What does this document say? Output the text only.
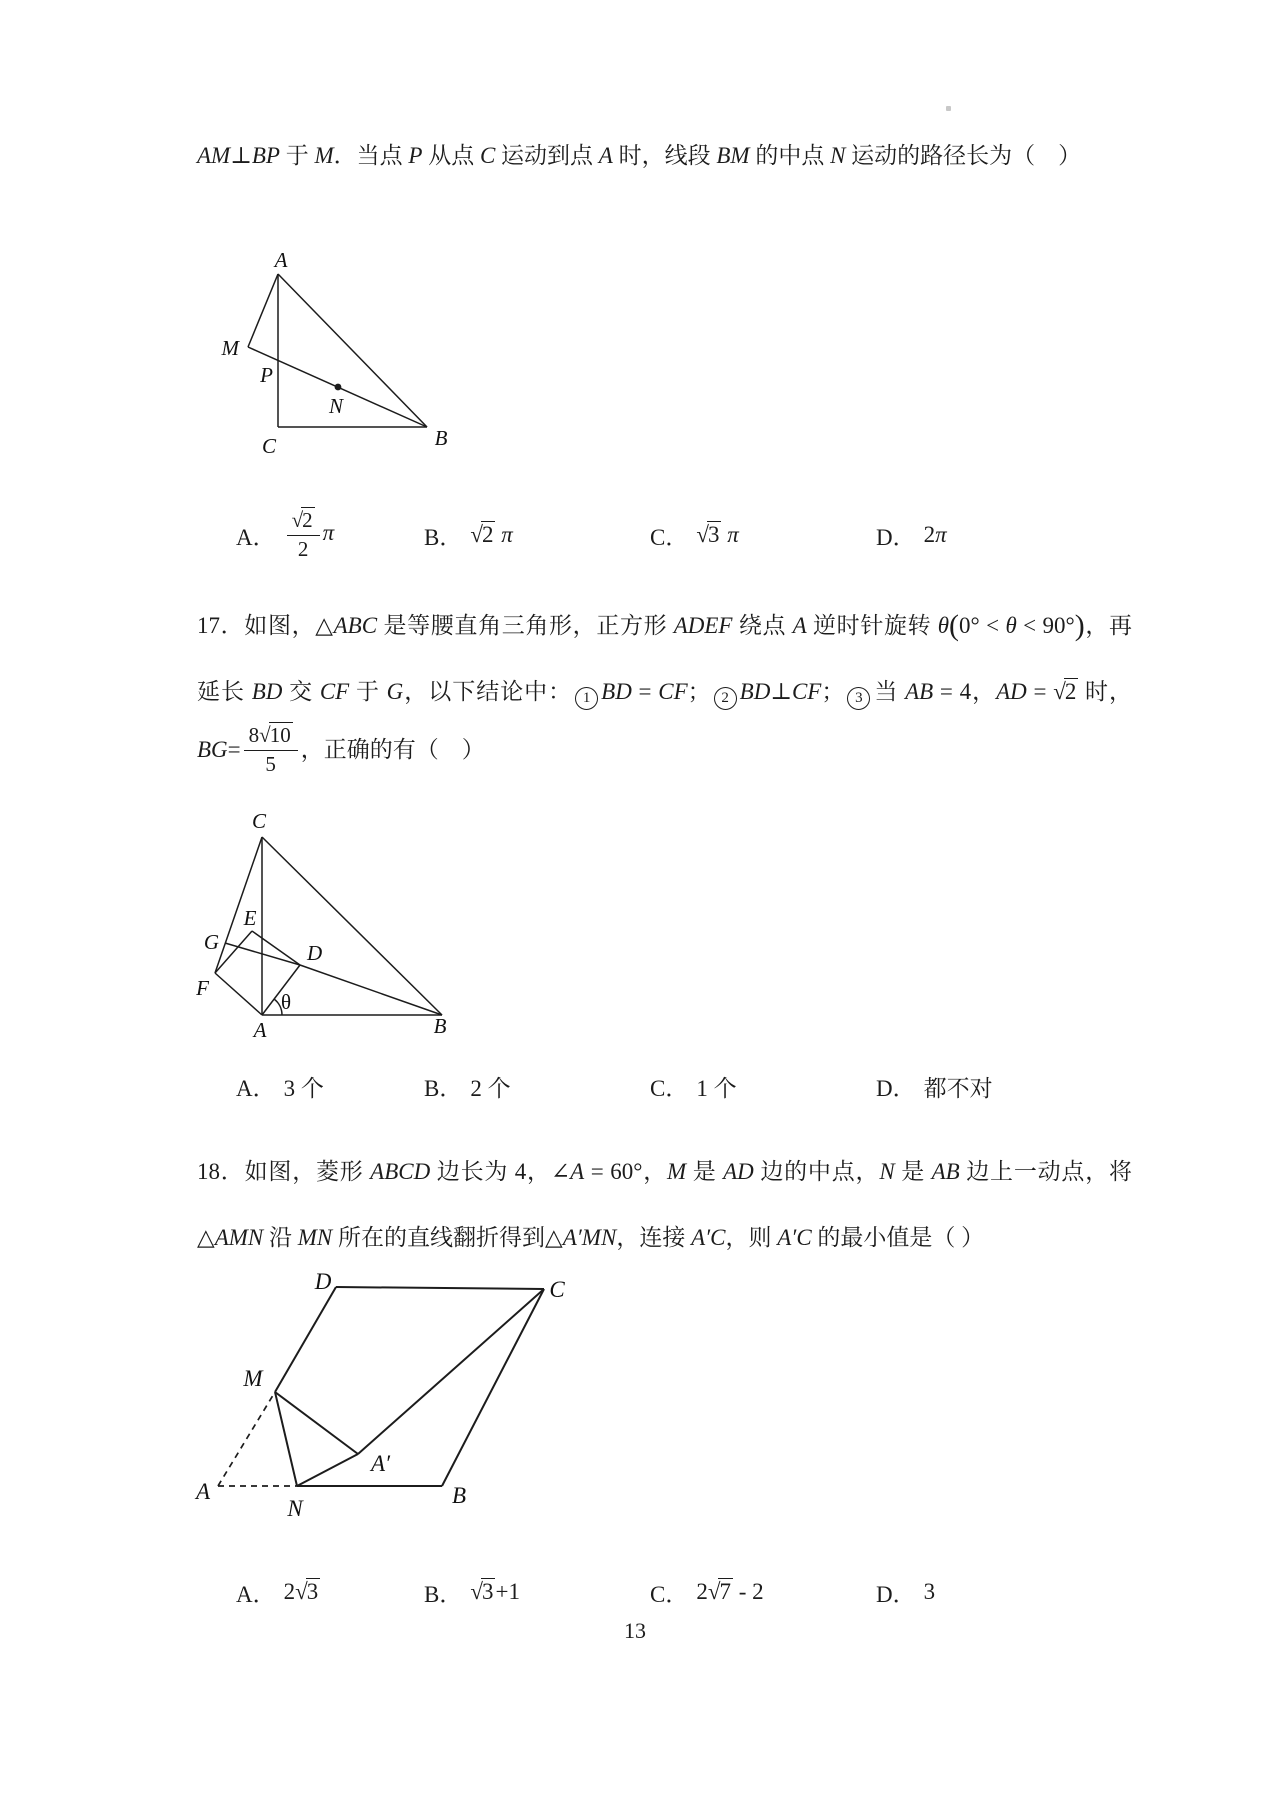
AM⊥BP 于 M．当点 P 从点 C 运动到点 A 时，线段 BM 的中点 N 运动的路径长为（　）
A
M
P
N
C	B
A． $\frac{√2}{2}$ π	B． √2 π	C． √3 π	D． 2π
17．如图，△ABC 是等腰直角三角形，正方形 ADEF 绕点 A 逆时针旋转 θ(0° < θ < 90°)，再
延长 BD 交 CF 于 G，以下结论中： 1 BD = CF； 2 BD⊥CF； 3 当 AB = 4，AD = √2 时，
BG = $\frac{8√10}{5}$ ，正确的有（　）
C
E
G	D
F
θ
A	B
A． 3 个	B． 2 个	C． 1 个	D． 都不对
18．如图，菱形 ABCD 边长为 4，∠A = 60°，M 是 AD 边的中点，N 是 AB 边上一动点，将
△AMN 沿 MN 所在的直线翻折得到△A′MN，连接 A′C，则 A′C 的最小值是（ ）
D	C
M
A
N
B
A′
A． 2√3	B． √3+1	C． 2√7 - 2	D． 3
13
